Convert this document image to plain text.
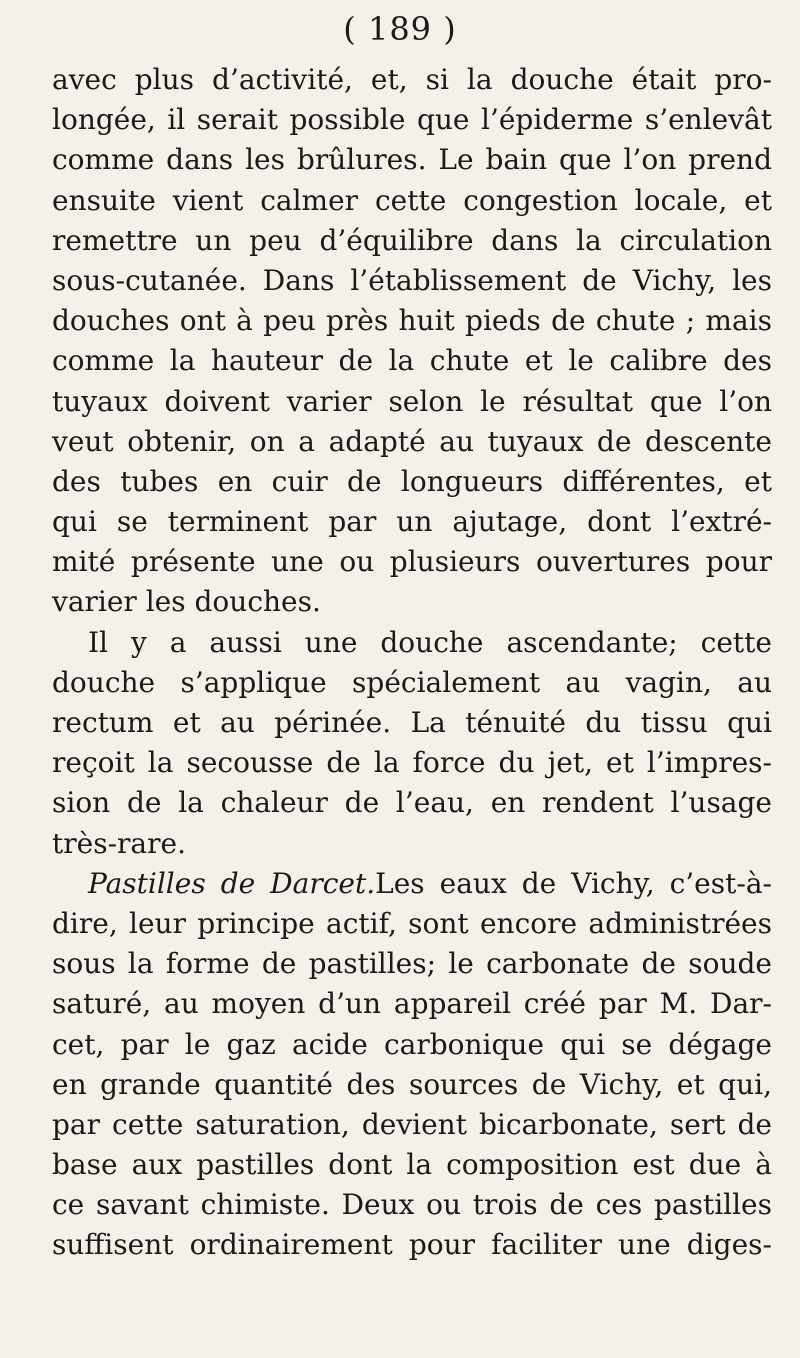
( 189 )
avec plus d’activité, et, si la douche était pro-
longée, il serait possible que l’épiderme s’enlevât
comme dans les brûlures. Le bain que l’on prend
ensuite vient calmer cette congestion locale, et
remettre un peu d’équilibre dans la circulation
sous-cutanée. Dans l’établissement de Vichy, les
douches ont à peu près huit pieds de chute ; mais
comme la hauteur de la chute et le calibre des
tuyaux doivent varier selon le résultat que l’on
veut obtenir, on a adapté au tuyaux de descente
des tubes en cuir de longueurs différentes, et
qui se terminent par un ajutage, dont l’extré-
mité présente une ou plusieurs ouvertures pour
varier les douches.
Il y a aussi une douche ascendante; cette
douche s’applique spécialement au vagin, au
rectum et au périnée. La ténuité du tissu qui
reçoit la secousse de la force du jet, et l’impres-
sion de la chaleur de l’eau, en rendent l’usage
très-rare.
Pastilles de Darcet.Les eaux de Vichy, c’est-à-
dire, leur principe actif, sont encore administrées
sous la forme de pastilles; le carbonate de soude
saturé, au moyen d’un appareil créé par M. Dar-
cet, par le gaz acide carbonique qui se dégage
en grande quantité des sources de Vichy, et qui,
par cette saturation, devient bicarbonate, sert de
base aux pastilles dont la composition est due à
ce savant chimiste. Deux ou trois de ces pastilles
suffisent ordinairement pour faciliter une diges-
